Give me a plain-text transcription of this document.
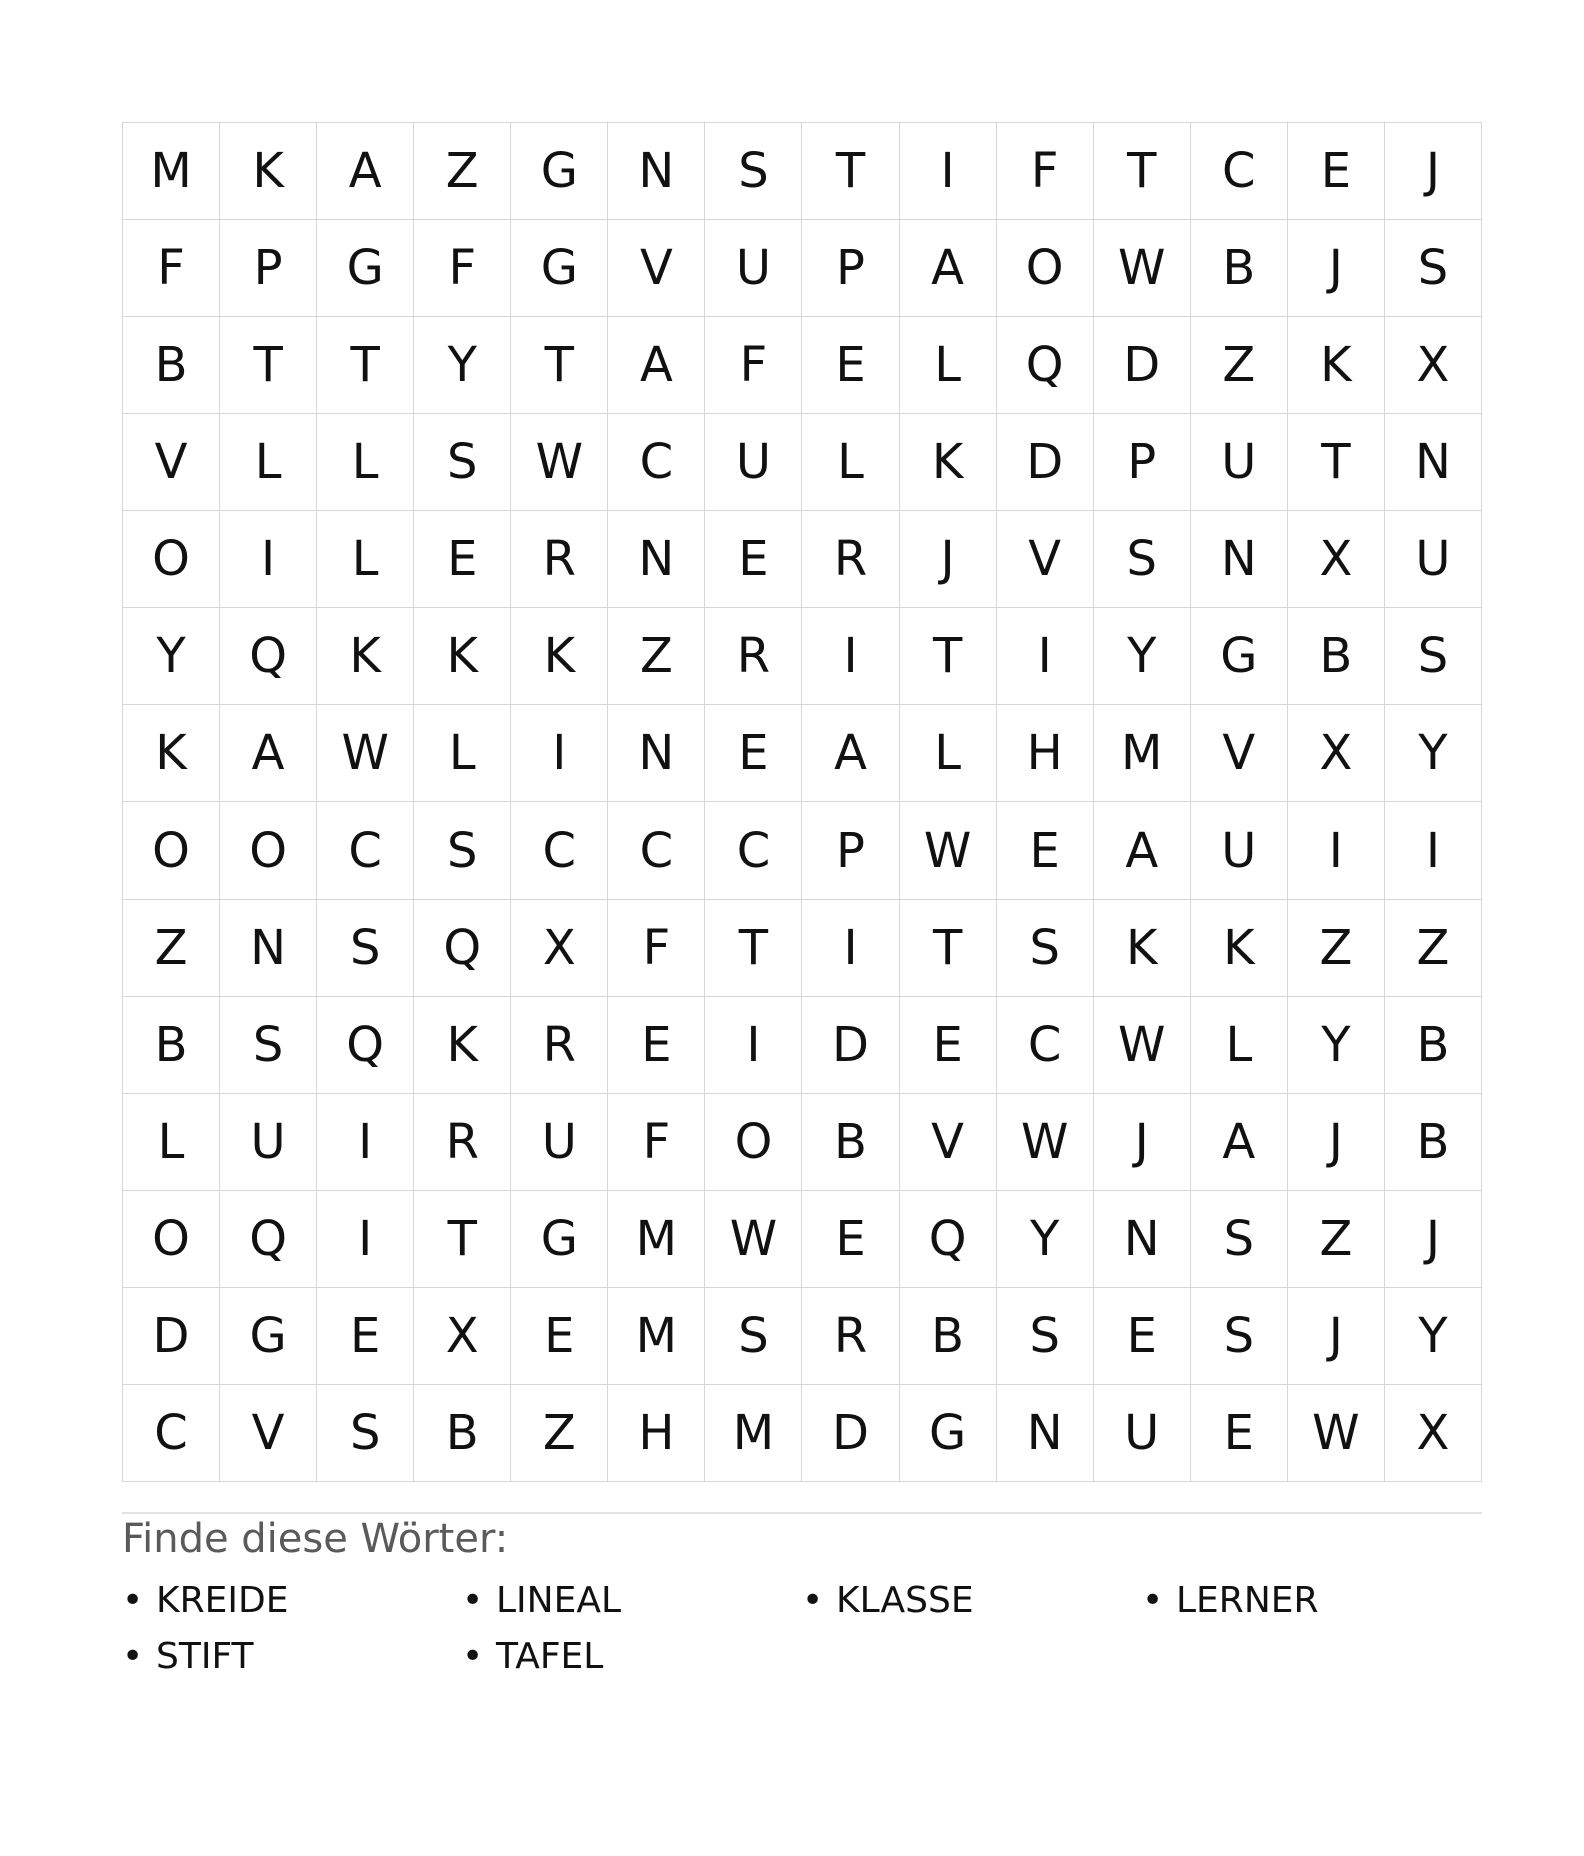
M	K	A	Z	G	N	S	T	I	F	T	C	E	J
F	P	G	F	G	V	U	P	A	O	W	B	J	S
B	T	T	Y	T	A	F	E	L	Q	D	Z	K	X
V	L	L	S	W	C	U	L	K	D	P	U	T	N
O	I	L	E	R	N	E	R	J	V	S	N	X	U
Y	Q	K	K	K	Z	R	I	T	I	Y	G	B	S
K	A	W	L	I	N	E	A	L	H	M	V	X	Y
O	O	C	S	C	C	C	P	W	E	A	U	I	I
Z	N	S	Q	X	F	T	I	T	S	K	K	Z	Z
B	S	Q	K	R	E	I	D	E	C	W	L	Y	B
L	U	I	R	U	F	O	B	V	W	J	A	J	B
O	Q	I	T	G	M	W	E	Q	Y	N	S	Z	J
D	G	E	X	E	M	S	R	B	S	E	S	J	Y
C	V	S	B	Z	H	M	D	G	N	U	E	W	X
Finde diese Wörter:
• KREIDE	• LINEAL	• KLASSE	• LERNER
• STIFT	• TAFEL
